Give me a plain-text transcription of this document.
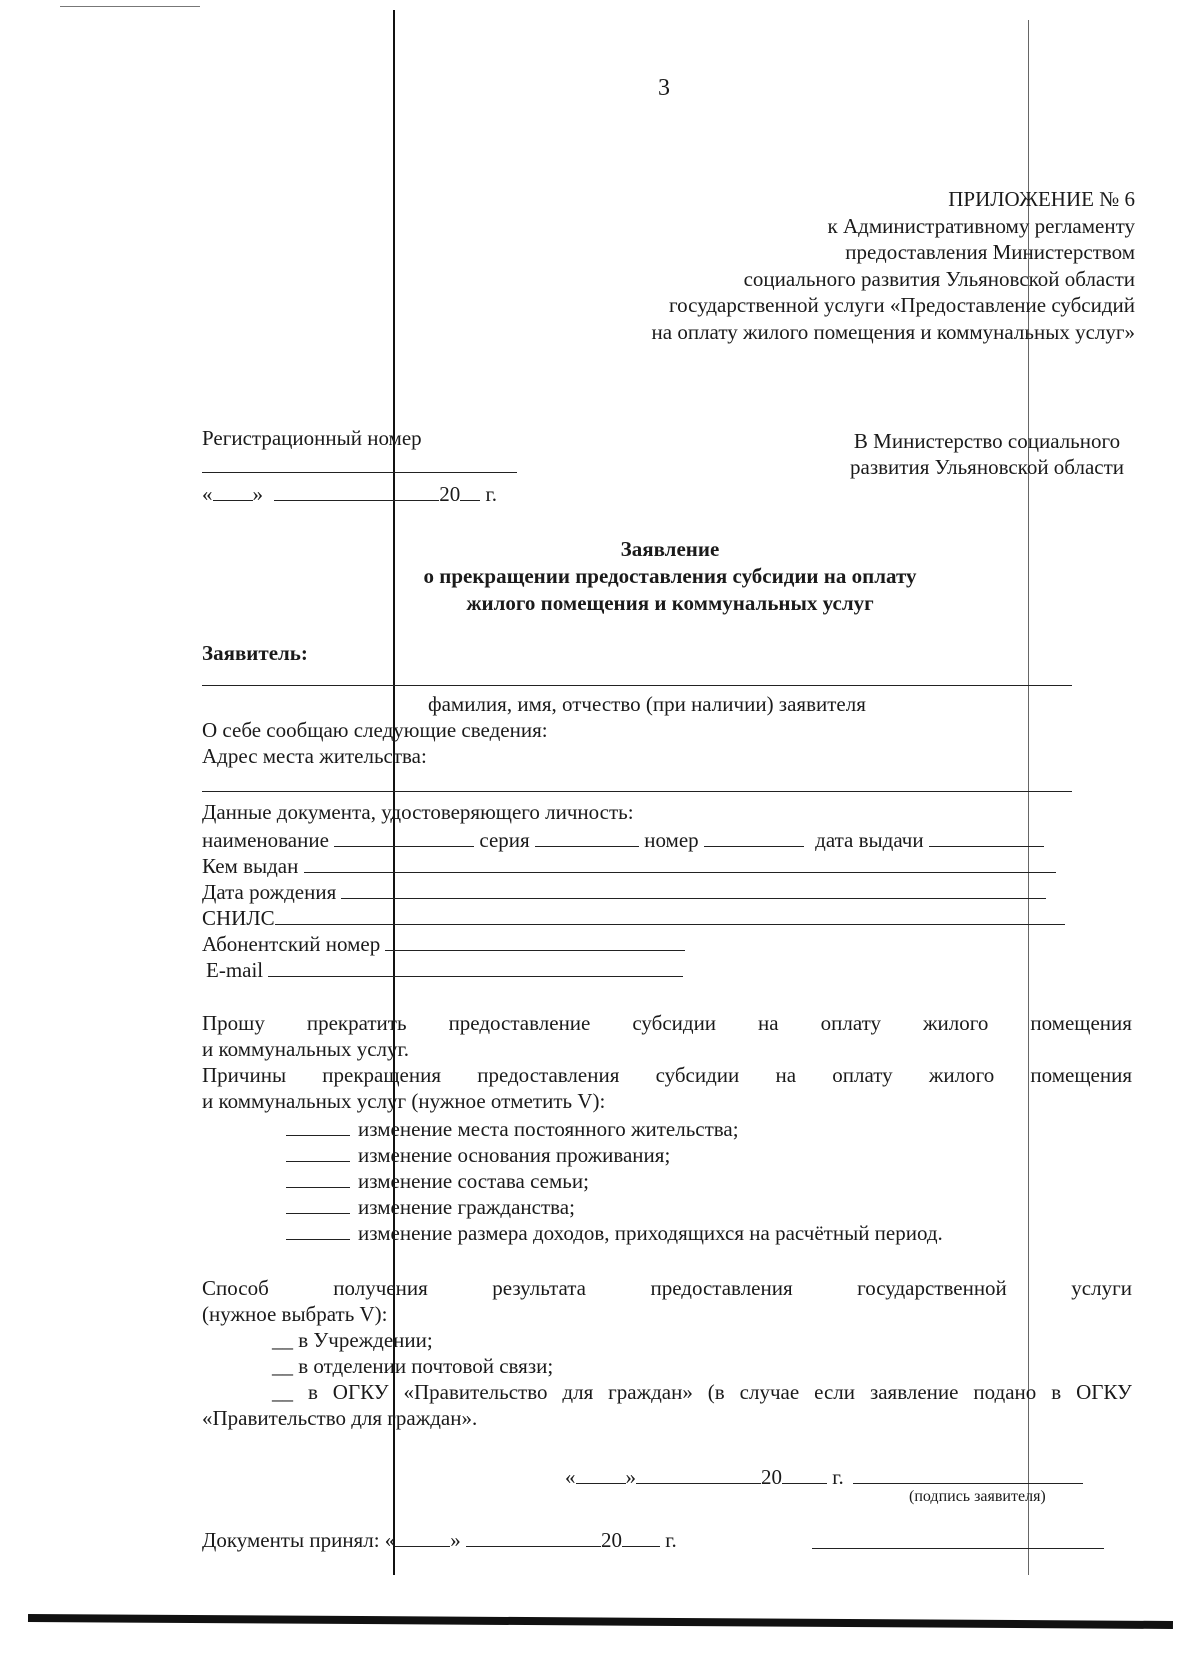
3
ПРИЛОЖЕНИЕ № 6
к Административному регламенту
предоставления Министерством
социального развития Ульяновской области
государственной услуги «Предоставление субсидий
на оплату жилого помещения и коммунальных услуг»
Регистрационный номер
« »	20 г.
В Министерство социального
развития Ульяновской области
Заявление
о прекращении предоставления субсидии на оплату
жилого помещения и коммунальных услуг
Заявитель:
фамилия, имя, отчество (при наличии) заявителя
О себе сообщаю следующие сведения:
Адрес места жительства:
Данные документа, удостоверяющего личность:
наименование	серия	номер	дата выдачи
Кем выдан
Дата рождения
СНИЛС
Абонентский номер
E-mail
Прошу прекратить предоставление субсидии на оплату жилого помещения
и коммунальных услуг.
Причины прекращения предоставления субсидии на оплату жилого помещения
и коммунальных услуг (нужное отметить V):
изменение места постоянного жительства;
изменение основания проживания;
изменение состава семьи;
изменение гражданства;
изменение размера доходов, приходящихся на расчётный период.
Способ	получения	результата	предоставления	государственной	услуги
(нужное выбрать V):
__ в Учреждении;
__ в отделении почтовой связи;
__ в ОГКУ «Правительство для граждан» (в случае если заявление подано в ОГКУ
«Правительство для граждан».
« »	20 г.
(подпись заявителя)
Документы принял: «	»	20 г.
